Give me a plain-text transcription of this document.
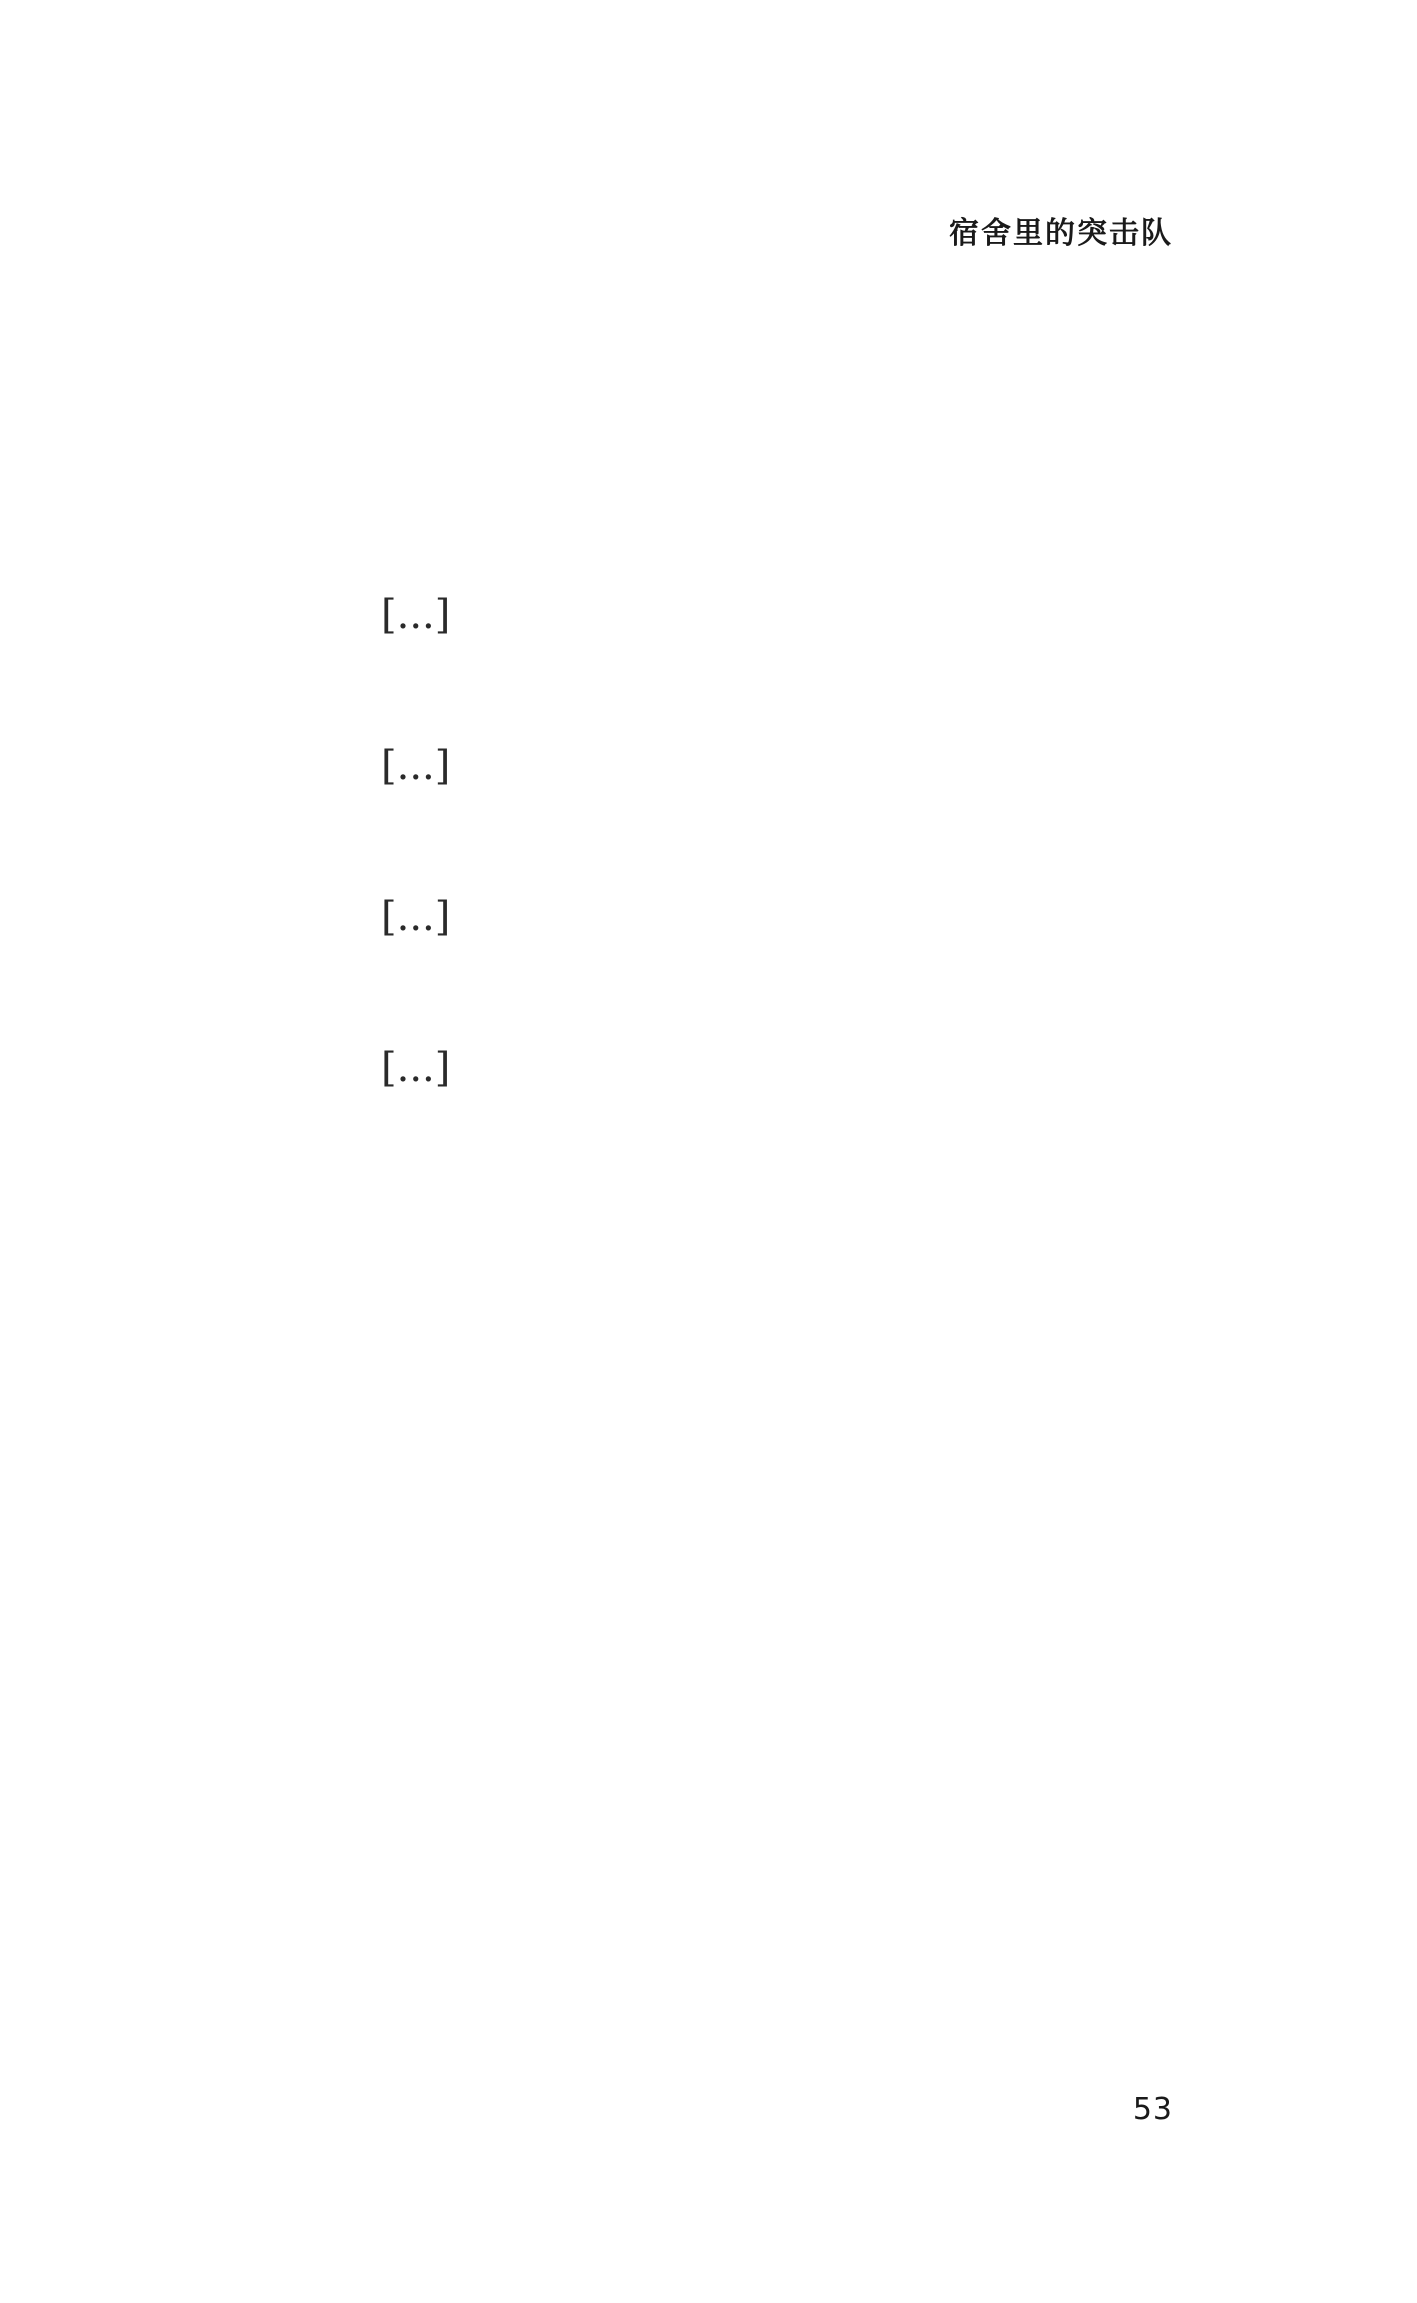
宿舍里的突击队

[...]

[...]

[...]

[...]

53
